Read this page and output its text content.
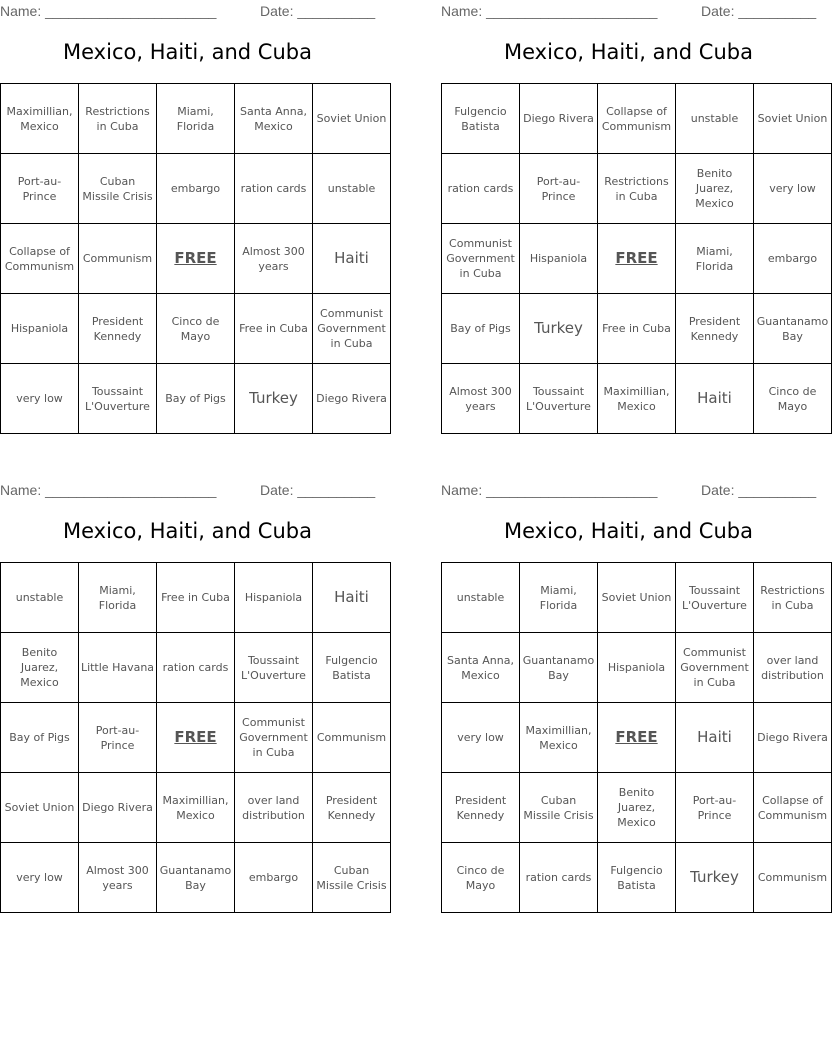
Name: ______________________	Date: __________
Mexico, Haiti, and Cuba
Maximillian, Mexico	Restrictions in Cuba	Miami, Florida	Santa Anna, Mexico	Soviet Union
Port-au-Prince	Cuban Missile Crisis	embargo	ration cards	unstable
Collapse of Communism	Communism	FREE	Almost 300 years	Haiti
Hispaniola	President Kennedy	Cinco de Mayo	Free in Cuba	Communist Government in Cuba
very low	Toussaint L'Ouverture	Bay of Pigs	Turkey	Diego Rivera
Name: ______________________	Date: __________
Mexico, Haiti, and Cuba
Fulgencio Batista	Diego Rivera	Collapse of Communism	unstable	Soviet Union
ration cards	Port-au-Prince	Restrictions in Cuba	Benito Juarez, Mexico	very low
Communist Government in Cuba	Hispaniola	FREE	Miami, Florida	embargo
Bay of Pigs	Turkey	Free in Cuba	President Kennedy	Guantanamo Bay
Almost 300 years	Toussaint L'Ouverture	Maximillian, Mexico	Haiti	Cinco de Mayo
Name: ______________________	Date: __________
Mexico, Haiti, and Cuba
unstable	Miami, Florida	Free in Cuba	Hispaniola	Haiti
Benito Juarez, Mexico	Little Havana	ration cards	Toussaint L'Ouverture	Fulgencio Batista
Bay of Pigs	Port-au-Prince	FREE	Communist Government in Cuba	Communism
Soviet Union	Diego Rivera	Maximillian, Mexico	over land distribution	President Kennedy
very low	Almost 300 years	Guantanamo Bay	embargo	Cuban Missile Crisis
Name: ______________________	Date: __________
Mexico, Haiti, and Cuba
unstable	Miami, Florida	Soviet Union	Toussaint L'Ouverture	Restrictions in Cuba
Santa Anna, Mexico	Guantanamo Bay	Hispaniola	Communist Government in Cuba	over land distribution
very low	Maximillian, Mexico	FREE	Haiti	Diego Rivera
President Kennedy	Cuban Missile Crisis	Benito Juarez, Mexico	Port-au-Prince	Collapse of Communism
Cinco de Mayo	ration cards	Fulgencio Batista	Turkey	Communism
